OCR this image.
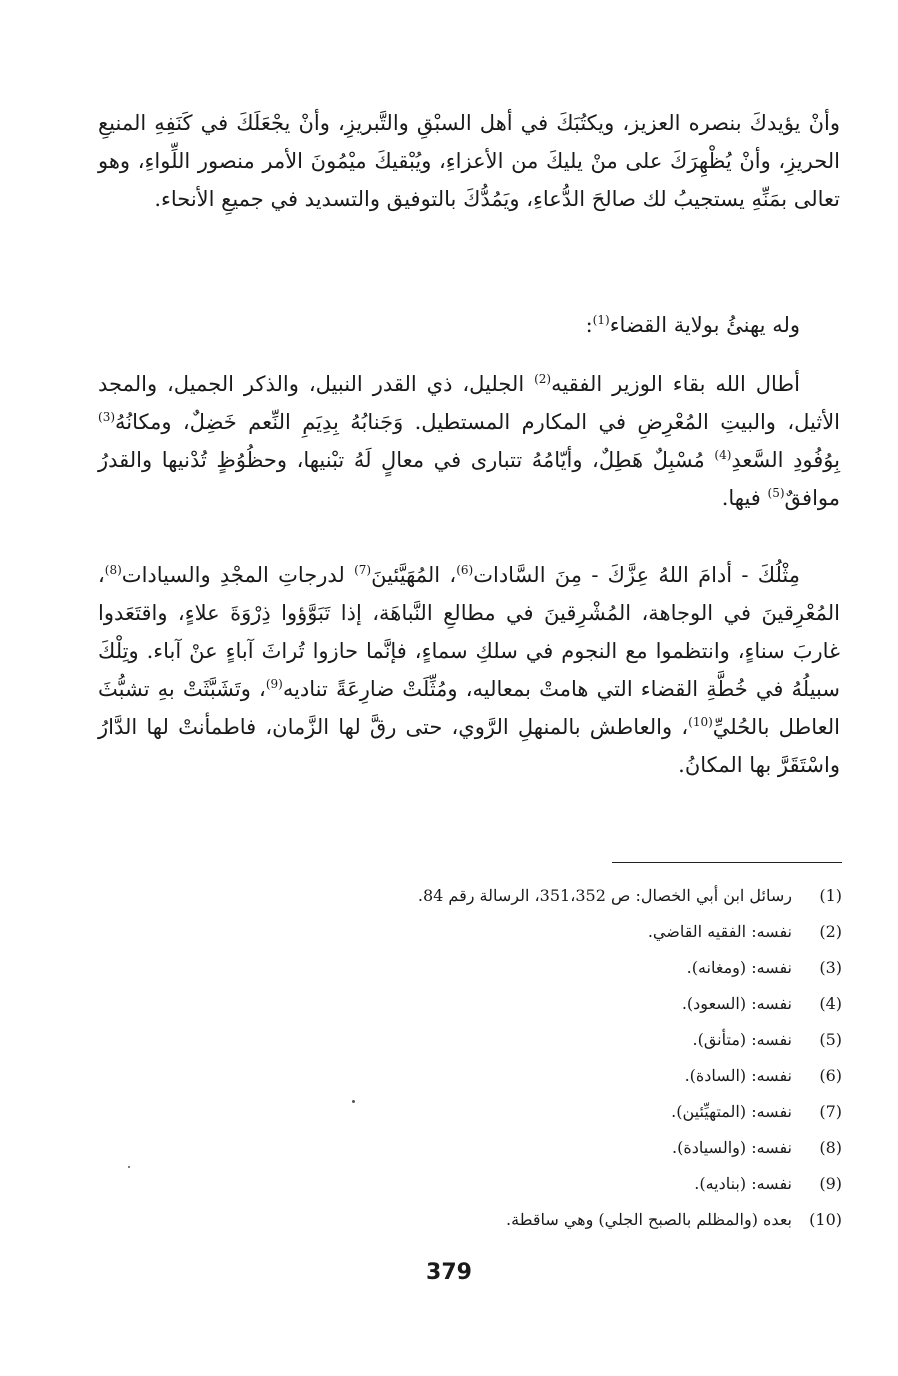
وأنْ يؤيدكَ بنصره العزيز، ويكتُبَكَ في أهل السبْقِ والتَّبريزِ، وأنْ يجْعَلَكَ في كَنَفِهِ المنيعِ الحريزِ، وأنْ يُظْهِرَكَ على منْ يليكَ من الأعزاءِ، ويُبْقيكَ ميْمُونَ الأمر منصور اللِّواءِ، وهو تعالى بمَنِّهِ يستجيبُ لك صالحَ الدُّعاءِ، ويَمُدُّكَ بالتوفيق والتسديد في جميعِ الأنحاء.

وله يهنئُ بولاية القضاء$^{(1)}$:

أطال الله بقاء الوزير الفقيه$^{(2)}$ الجليل، ذي القدر النبيل، والذكر الجميل، والمجد الأثيل، والبيتِ المُعْرِضِ في المكارم المستطيل. وَجَنابُهُ بِدِيَمِ النِّعم خَضِلٌ، ومكانُهُ$^{(3)}$ بِوُفُودِ السَّعدِ$^{(4)}$ مُسْبِلٌ هَطِلٌ، وأيّامُهُ تتبارى في معالٍ لَهُ تبْنيها، وحظُوُظٍ تُدْنيها والقدرُ موافقٌ$^{(5)}$ فيها.

مِثْلُكَ - أدامَ اللهُ عِزَّكَ - مِنَ السَّادات$^{(6)}$، المُهَيَّئينَ$^{(7)}$ لدرجاتِ المجْدِ والسيادات$^{(8)}$، المُعْرِقينَ في الوجاهة، المُشْرِقينَ في مطالعِ النَّباهَة، إذا تَبَوَّؤوا ذِرْوَةَ علاءٍ، واقتَعَدوا غاربَ سناءٍ، وانتظموا مع النجوم في سلكِ سماءٍ، فإنَّما حازوا تُراثَ آباءٍ عنْ آباء. وتِلْكَ سبيلُهُ في خُطَّةِ القضاء التي هامتْ بمعاليه، ومُثِّلَتْ ضارِعَةً تناديه$^{(9)}$، وتَشَبَّثَتْ بهِ تشبُّثَ العاطل بالحُليِّ$^{(10)}$، والعاطش بالمنهلِ الرَّوي، حتى رقَّ لها الزَّمان، فاطمأنتْ لها الدَّارُ واسْتَقَرَّ بها المكانُ.

(1)رسائل ابن أبي الخصال: ص 351،352، الرسالة رقم 84.
(2)نفسه: الفقيه القاضي.
(3)نفسه: (ومغانه).
(4)نفسه: (السعود).
(5)نفسه: (متأنق).
(6)نفسه: (السادة).
(7)نفسه: (المتهيِّئين).
(8)نفسه: (والسيادة).
(9)نفسه: (بناديه).
(10)بعده (والمظلم بالصبح الجلي) وهي ساقطة.
379
